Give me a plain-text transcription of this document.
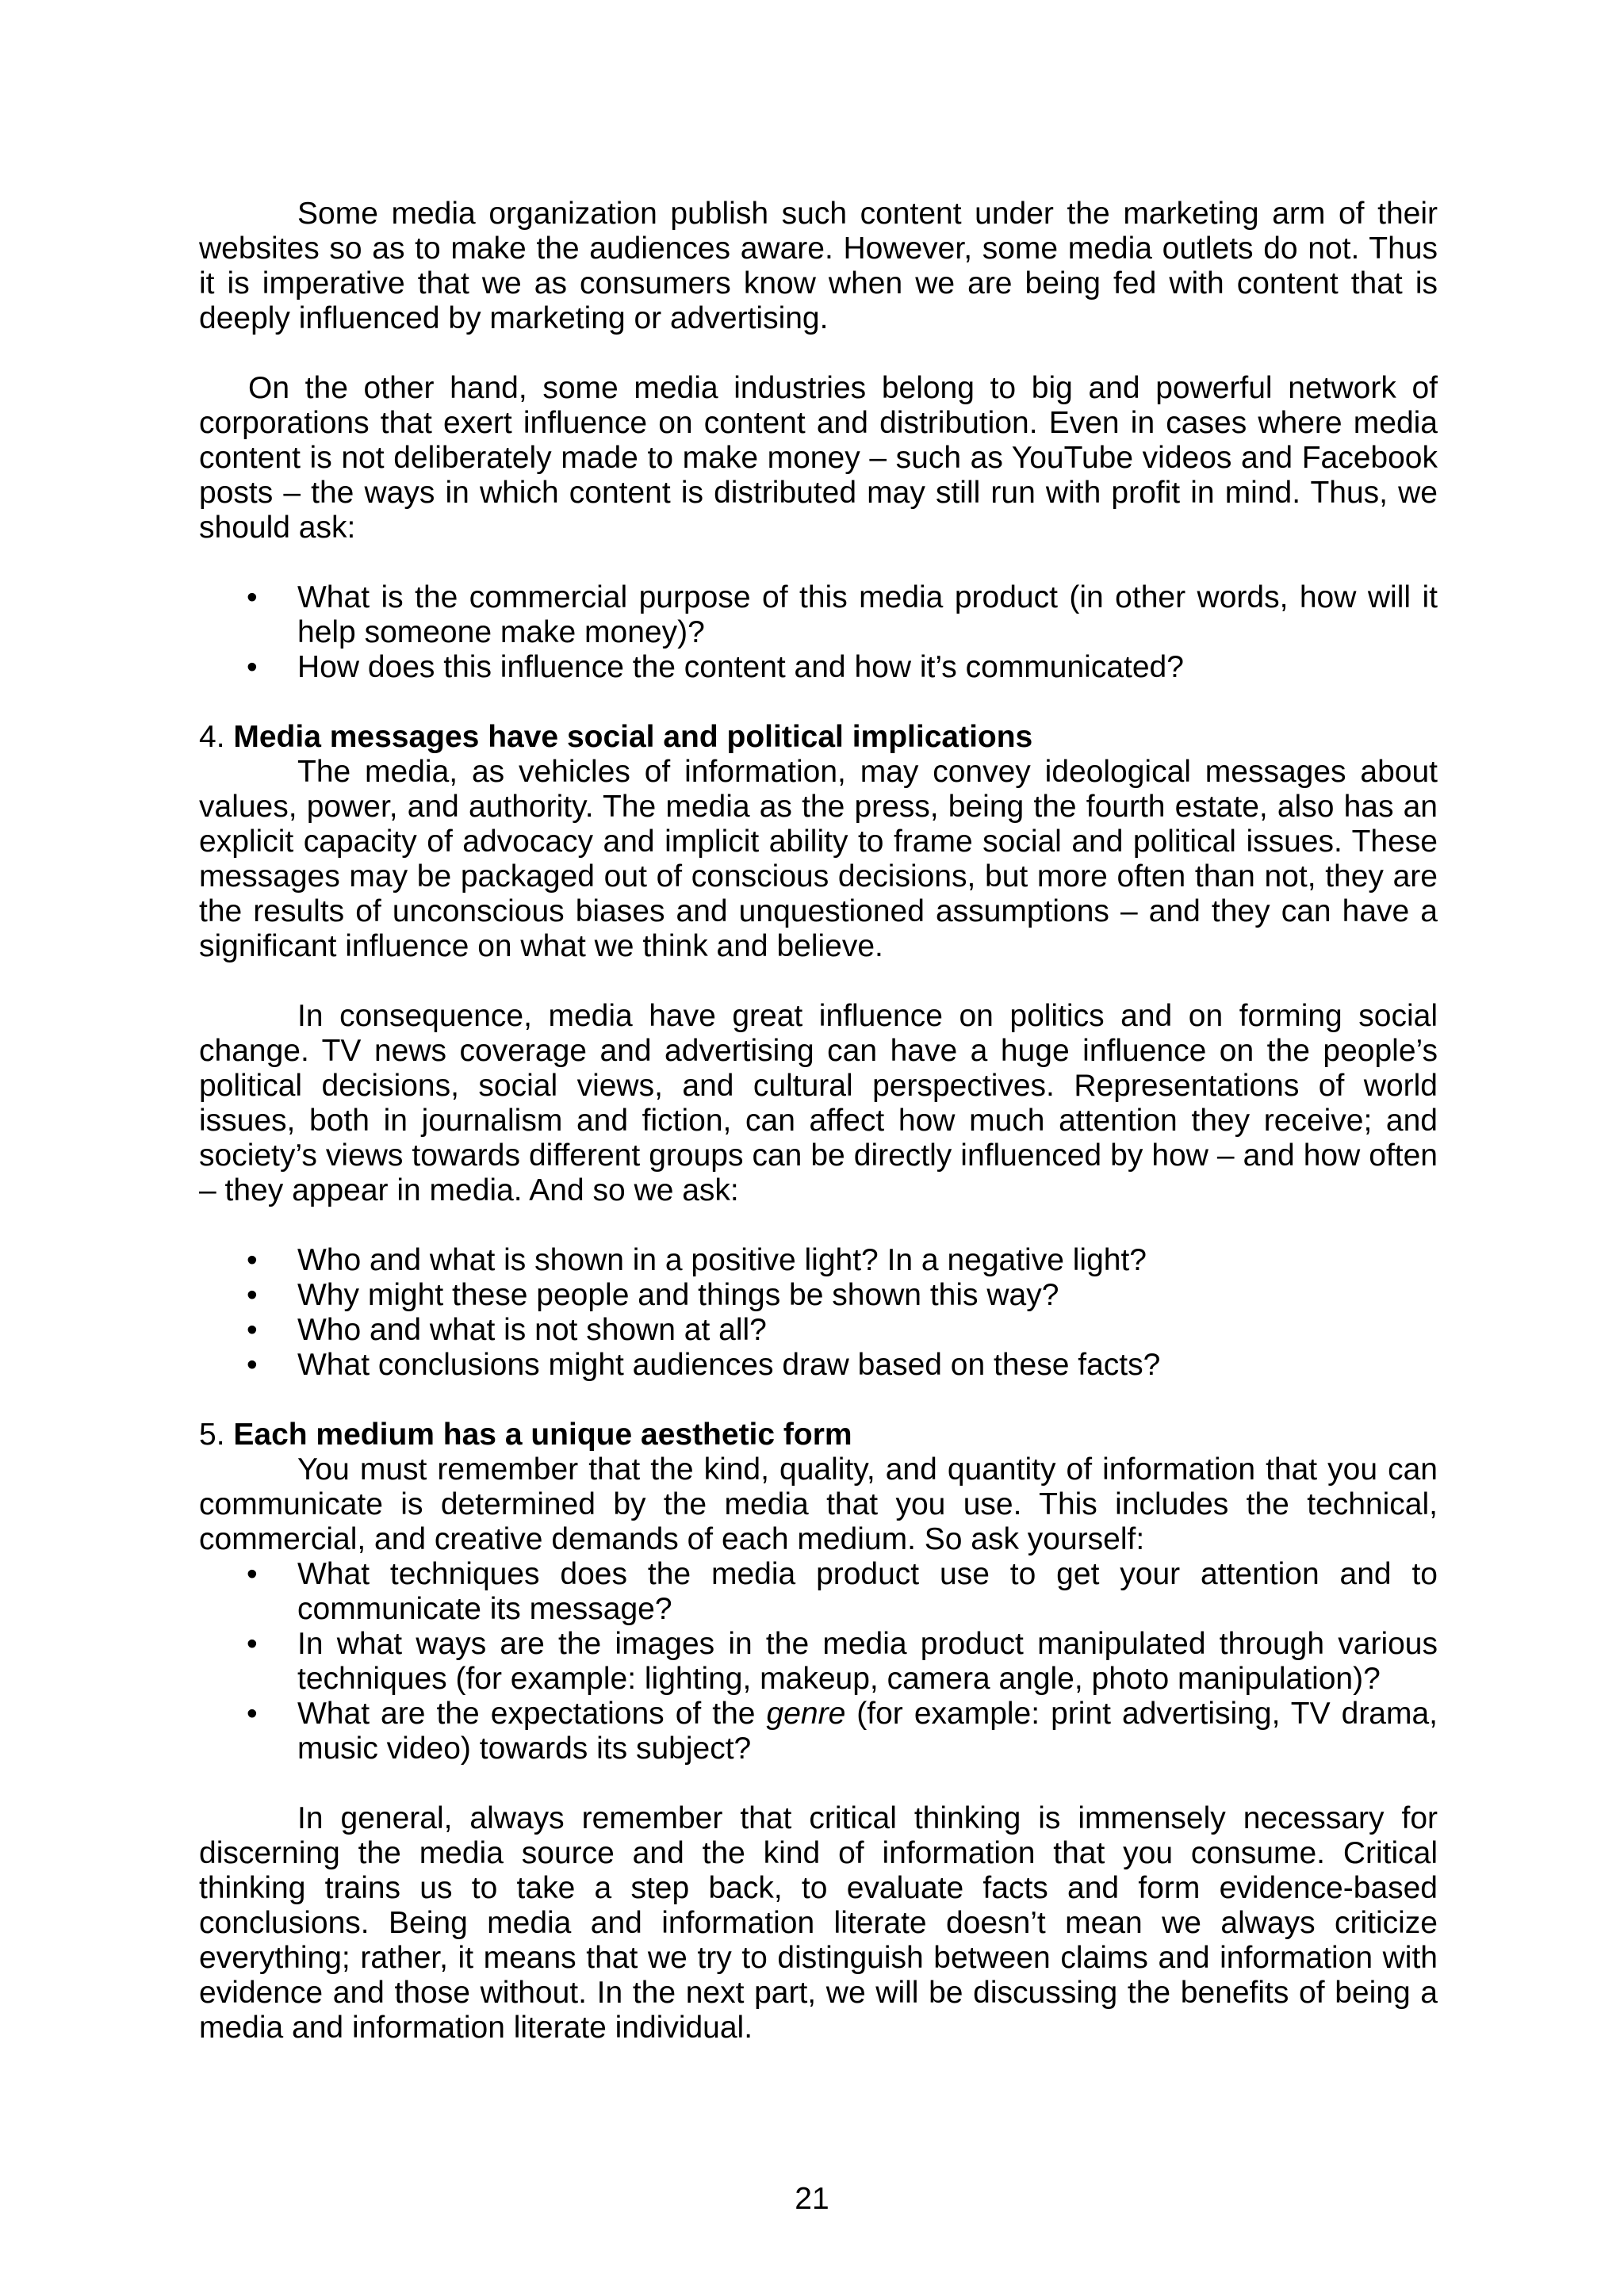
Some media organization publish such content under the marketing arm of their websites so as to make the audiences aware. However, some media outlets do not. Thus it is imperative that we as consumers know when we are being fed with content that is deeply influenced by marketing or advertising.

On the other hand, some media industries belong to big and powerful network of corporations that exert influence on content and distribution. Even in cases where media content is not deliberately made to make money – such as YouTube videos and Facebook posts – the ways in which content is distributed may still run with profit in mind. Thus, we should ask:

• What is the commercial purpose of this media product (in other words, how will it help someone make money)?
• How does this influence the content and how it’s communicated?

4. Media messages have social and political implications

The media, as vehicles of information, may convey ideological messages about values, power, and authority. The media as the press, being the fourth estate, also has an explicit capacity of advocacy and implicit ability to frame social and political issues. These messages may be packaged out of conscious decisions, but more often than not, they are the results of unconscious biases and unquestioned assumptions – and they can have a significant influence on what we think and believe.

In consequence, media have great influence on politics and on forming social change. TV news coverage and advertising can have a huge influence on the people’s political decisions, social views, and cultural perspectives. Representations of world issues, both in journalism and fiction, can affect how much attention they receive; and society’s views towards different groups can be directly influenced by how – and how often – they appear in media. And so we ask:

• Who and what is shown in a positive light? In a negative light?
• Why might these people and things be shown this way?
• Who and what is not shown at all?
• What conclusions might audiences draw based on these facts?

5. Each medium has a unique aesthetic form

You must remember that the kind, quality, and quantity of information that you can communicate is determined by the media that you use. This includes the technical, commercial, and creative demands of each medium. So ask yourself:

• What techniques does the media product use to get your attention and to communicate its message?
• In what ways are the images in the media product manipulated through various techniques (for example: lighting, makeup, camera angle, photo manipulation)?
• What are the expectations of the genre (for example: print advertising, TV drama, music video) towards its subject?

In general, always remember that critical thinking is immensely necessary for discerning the media source and the kind of information that you consume. Critical thinking trains us to take a step back, to evaluate facts and form evidence-based conclusions. Being media and information literate doesn’t mean we always criticize everything; rather, it means that we try to distinguish between claims and information with evidence and those without. In the next part, we will be discussing the benefits of being a media and information literate individual.

21
